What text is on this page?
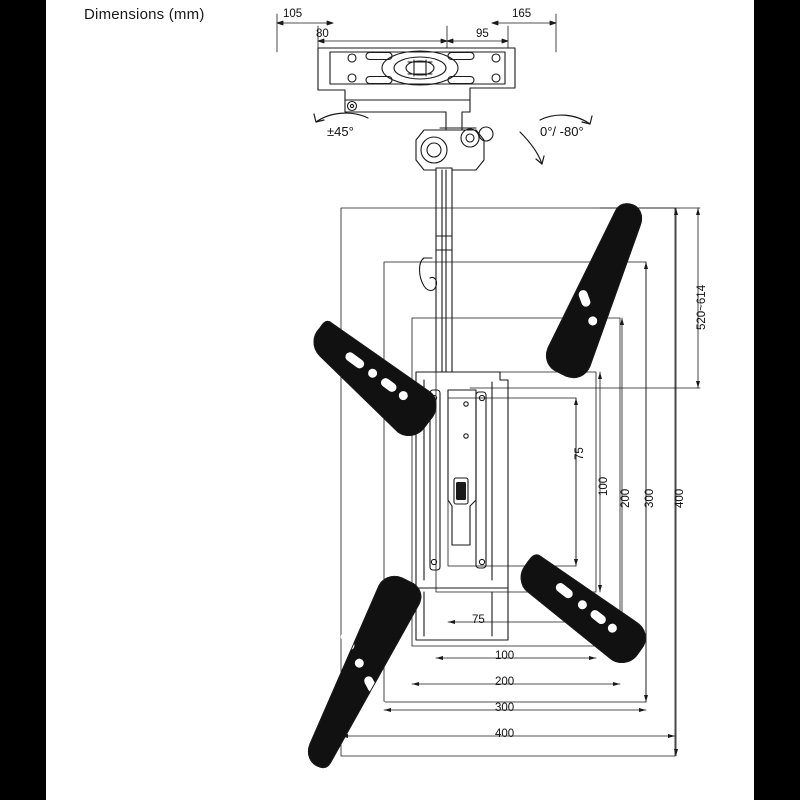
Dimensions (mm)	105
80
165
95
±45°	0°/ -80°
520~614
75
100
200 300 400
75
100
200
300
400
